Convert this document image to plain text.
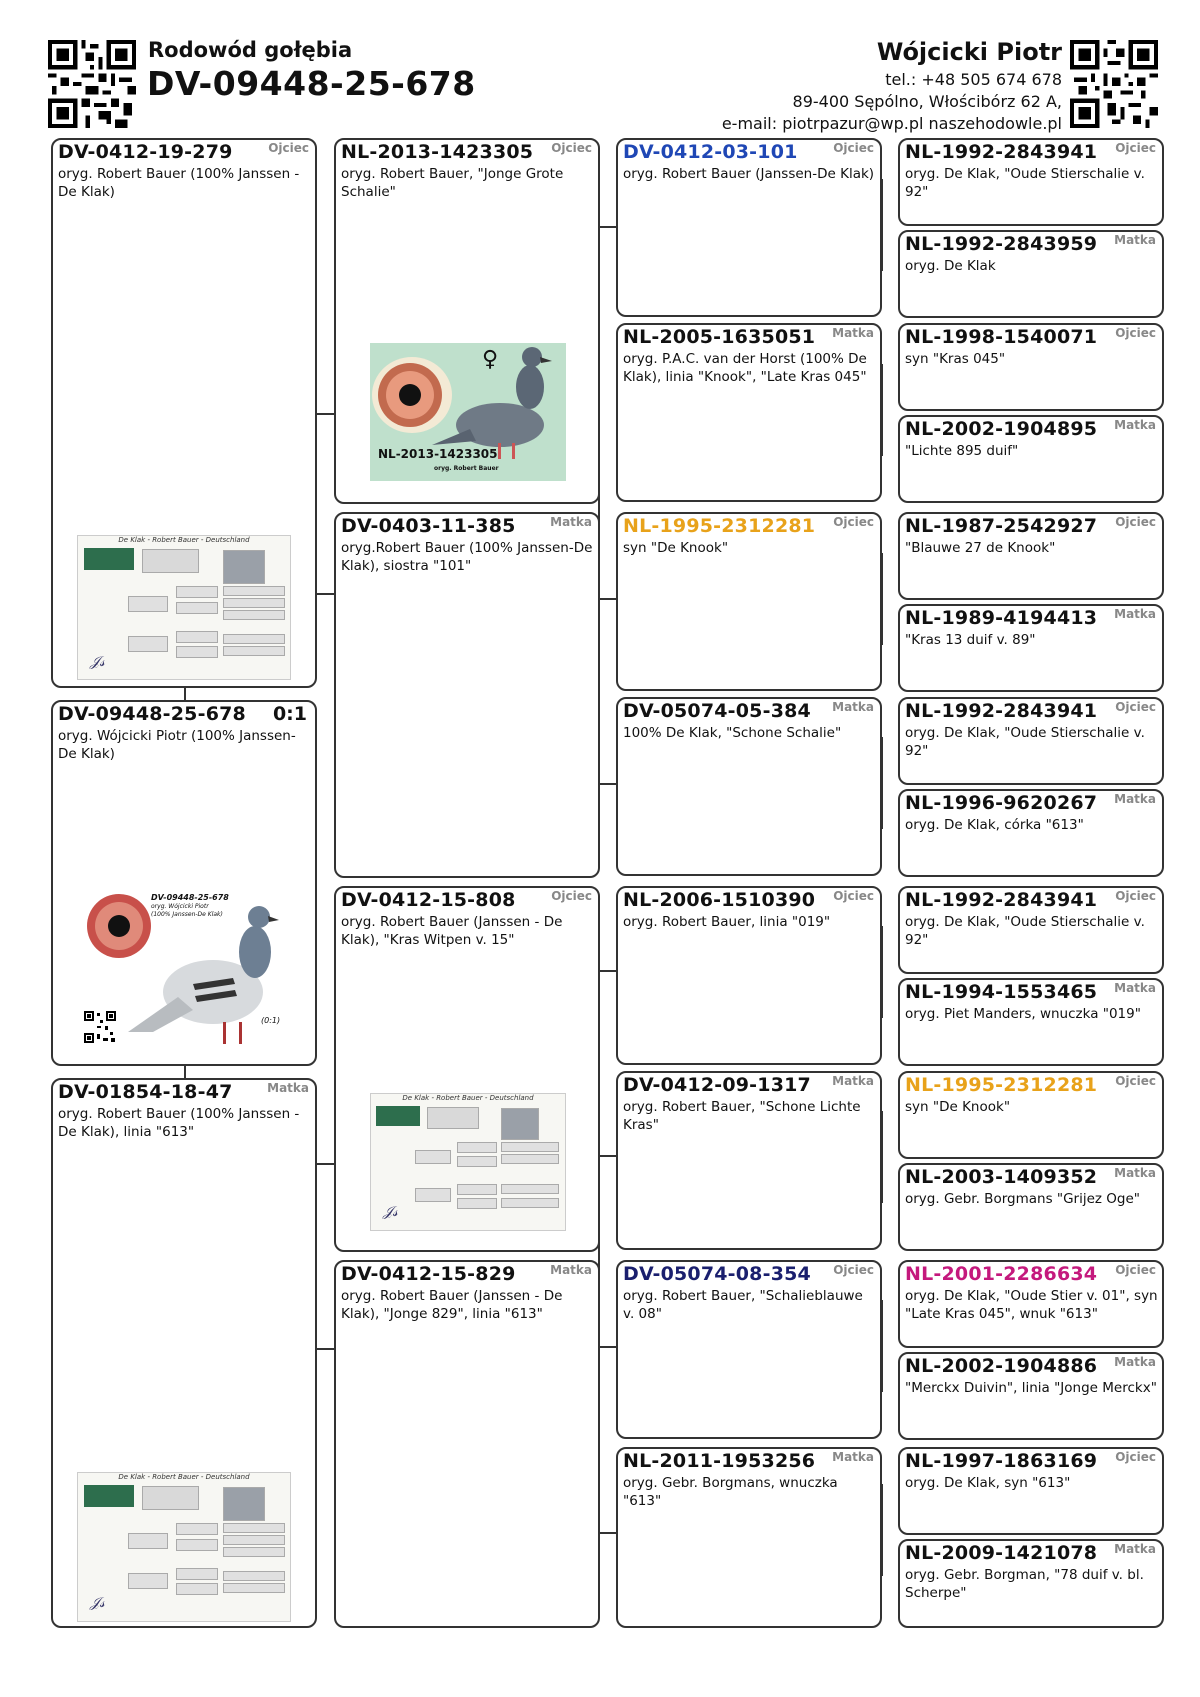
Rodowód gołębia
DV-09448-25-678
Wójcicki Piotr
tel.: +48 505 674 678
89-400 Sępólno, Włościbórz 62 A,
e-mail: piotrpazur@wp.pl naszehodowle.pl
DV-0412-19-279	Ojciec
oryg. Robert Bauer (100% Janssen - De Klak)
De Klak - Robert Bauer - Deutschland
𝒥𝓈
DV-09448-25-678 0:1
oryg. Wójcicki Piotr (100% Janssen-De Klak)
DV-09448-25-678
oryg. Wójcicki Piotr
(100% Janssen-De Klak)
(0:1)
DV-01854-18-47	Matka
oryg. Robert Bauer (100% Janssen - De Klak), linia "613"
De Klak - Robert Bauer - Deutschland
𝒥𝓈
NL-2013-1423305 Ojciec
oryg. Robert Bauer, "Jonge Grote Schalie"
♀
NL-2013-1423305
oryg. Robert Bauer
DV-0403-11-385	Matka
oryg.Robert Bauer (100% Janssen-De Klak), siostra "101"
DV-0412-15-808	Ojciec
oryg. Robert Bauer (Janssen - De Klak), "Kras Witpen v. 15"
De Klak - Robert Bauer - Deutschland
𝒥𝓈
DV-0412-15-829	Matka
oryg. Robert Bauer (Janssen - De Klak), "Jonge 829", linia "613"
DV-0412-03-101	Ojciec
oryg. Robert Bauer (Janssen-De Klak)
NL-2005-1635051 Matka
oryg. P.A.C. van der Horst (100% De Klak), linia "Knook", "Late Kras 045"
NL-1995-2312281 Ojciec
syn "De Knook"
DV-05074-05-384 Matka
100% De Klak, "Schone Schalie"
NL-2006-1510390 Ojciec
oryg. Robert Bauer, linia "019"
DV-0412-09-1317 Matka
oryg. Robert Bauer, "Schone Lichte Kras"
DV-05074-08-354 Ojciec
oryg. Robert Bauer, "Schalieblauwe v. 08"
NL-2011-1953256 Matka
oryg. Gebr. Borgmans, wnuczka "613"
NL-1992-2843941 Ojciec
oryg. De Klak, "Oude Stierschalie v. 92"
NL-1992-2843959 Matka
oryg. De Klak
NL-1998-1540071 Ojciec
syn "Kras 045"
NL-2002-1904895 Matka
"Lichte 895 duif"
NL-1987-2542927 Ojciec
"Blauwe 27 de Knook"
NL-1989-4194413 Matka
"Kras 13 duif v. 89"
NL-1992-2843941 Ojciec
oryg. De Klak, "Oude Stierschalie v. 92"
NL-1996-9620267 Matka
oryg. De Klak, córka "613"
NL-1992-2843941 Ojciec
oryg. De Klak, "Oude Stierschalie v. 92"
NL-1994-1553465 Matka
oryg. Piet Manders, wnuczka "019"
NL-1995-2312281 Ojciec
syn "De Knook"
NL-2003-1409352 Matka
oryg. Gebr. Borgmans "Grijez Oge"
NL-2001-2286634 Ojciec
oryg. De Klak, "Oude Stier v. 01", syn "Late Kras 045", wnuk "613"
NL-2002-1904886 Matka
"Merckx Duivin", linia "Jonge Merckx"
NL-1997-1863169 Ojciec
oryg. De Klak, syn "613"
NL-2009-1421078 Matka
oryg. Gebr. Borgman, "78 duif v. bl. Scherpe"
